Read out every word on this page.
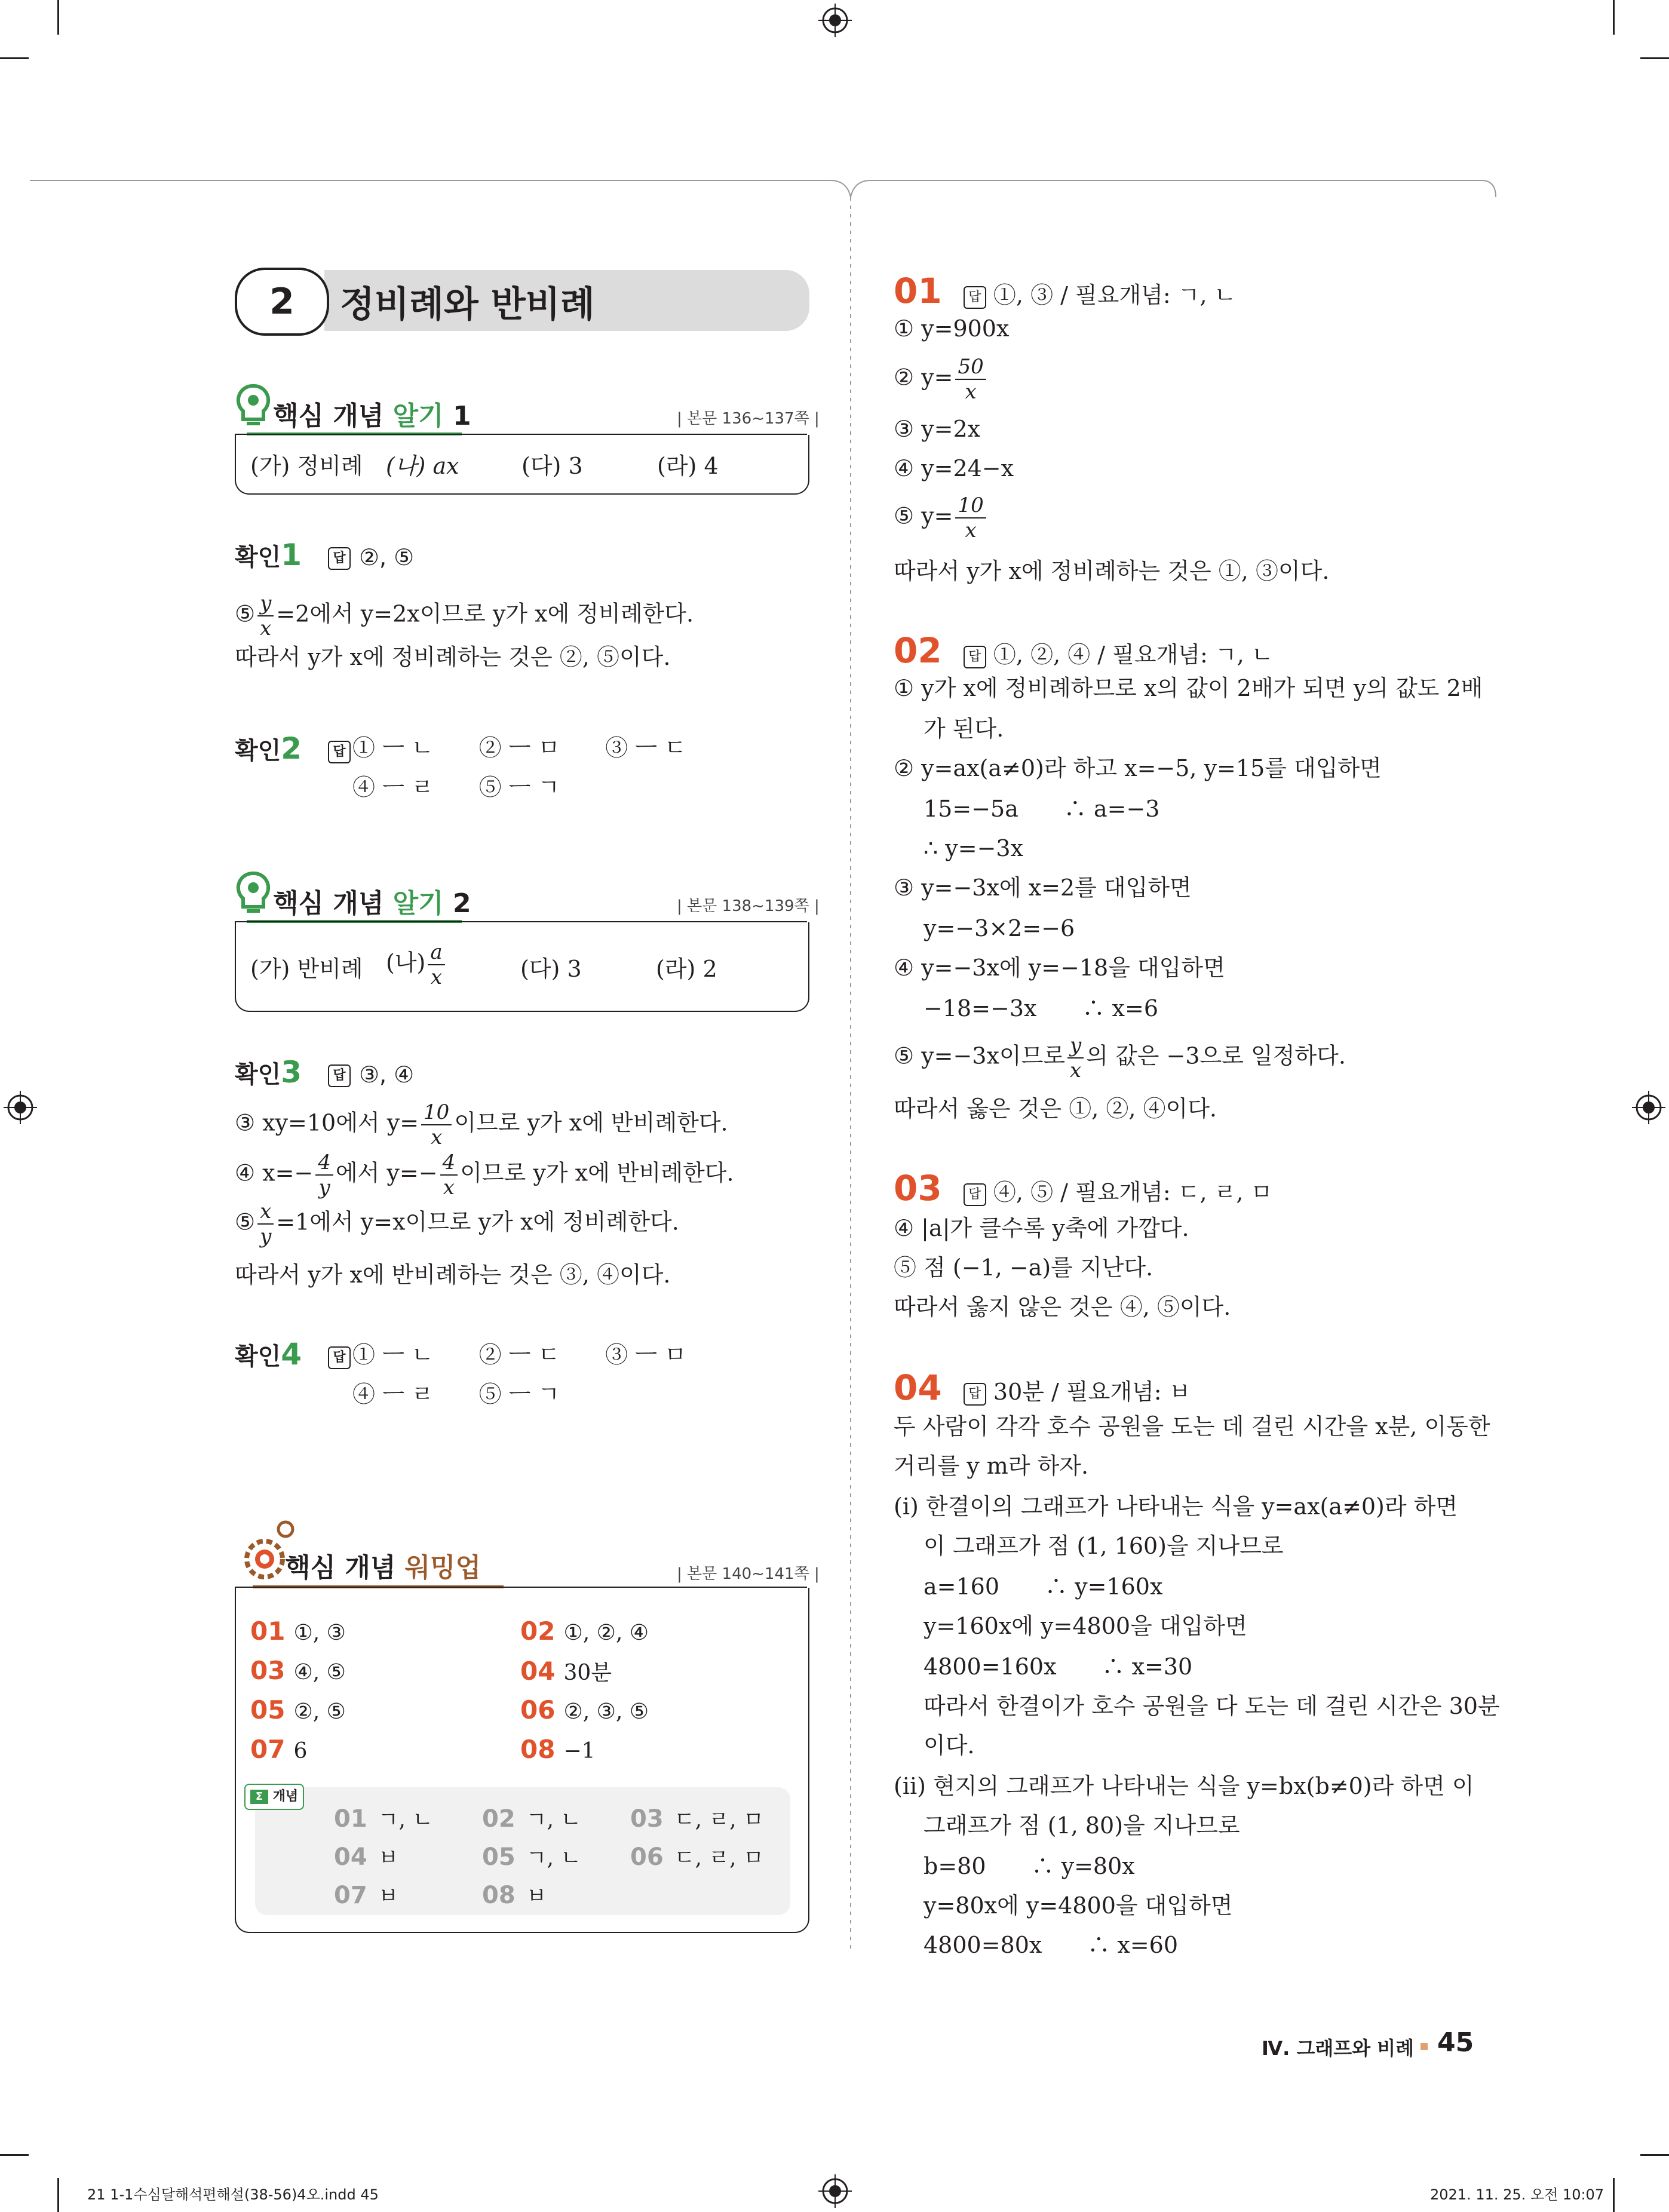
2	정비례와 반비례
핵심 개념 알기 1	| 본문 136~137쪽 |
(가) 정비례 (나) ax	(다) 3	(라) 4
확인1 답 ②, ⑤
⑤ $\frac{y}{x} =2$에서 y=2x이므로 y가 x에 정비례한다.
따라서 y가 x에 정비례하는 것은 ②, ⑤이다.
확인2 답 ① ㅡ ㄴ　　② ㅡ ㅁ　　③ ㅡ ㄷ
④ ㅡ ㄹ　　⑤ ㅡ ㄱ
핵심 개념 알기 2	| 본문 138~139쪽 |
(가) 반비례 (나) $\frac{a}{x}$	(다) 3	(라) 2
확인3 답 ③, ④
③ xy=10에서 $y= \frac{10}{x}$ 이므로 y가 x에 반비례한다.
④ $x=- \frac{4}{y}$ 에서 $y=- \frac{4}{x}$ 이므로 y가 x에 반비례한다.
⑤ $\frac{x}{y} =1$에서 y=x이므로 y가 x에 정비례한다.
따라서 y가 x에 반비례하는 것은 ③, ④이다.
확인4 답 ① ㅡ ㄴ　　② ㅡ ㄷ　　③ ㅡ ㅁ
④ ㅡ ㄹ　　⑤ ㅡ ㄱ
핵심 개념 워밍업	| 본문 140~141쪽 |
01 ①, ③	02 ①, ②, ④
03 ④, ⑤	04 30분
05 ②, ⑤	06 ②, ③, ⑤
07 6	08 −1
Σ 개념
01 ㄱ, ㄴ 02 ㄱ, ㄴ 03 ㄷ, ㄹ, ㅁ
04 ㅂ	05 ㄱ, ㄴ 06 ㄷ, ㄹ, ㅁ
07 ㅂ	08 ㅂ
01 답 ①, ③ / 필요개념: ㄱ, ㄴ
① y=900x
② $y= \frac{50}{x}$
③ y=2x
④ y=24−x
⑤ $y= \frac{10}{x}$
따라서 y가 x에 정비례하는 것은 ①, ③이다.
02 답 ①, ②, ④ / 필요개념: ㄱ, ㄴ
① y가 x에 정비례하므로 x의 값이 2배가 되면 y의 값도 2배
가 된다.
② y=ax(a≠0)라 하고 x=−5, y=15를 대입하면
15=−5a　　∴ a=−3
∴ y=−3x
③ y=−3x에 x=2를 대입하면
y=−3×2=−6
④ y=−3x에 y=−18을 대입하면
−18=−3x　　∴ x=6
⑤ y=−3x이므로 $\frac{y}{x}$ 의 값은 −3으로 일정하다.
따라서 옳은 것은 ①, ②, ④이다.
03 답 ④, ⑤ / 필요개념: ㄷ, ㄹ, ㅁ
④ |a|가 클수록 y축에 가깝다.
⑤ 점 (−1, −a)를 지난다.
따라서 옳지 않은 것은 ④, ⑤이다.
04 답 30분 / 필요개념: ㅂ
두 사람이 각각 호수 공원을 도는 데 걸린 시간을 x분, 이동한
거리를 y m라 하자.
(i) 한결이의 그래프가 나타내는 식을 y=ax(a≠0)라 하면
이 그래프가 점 (1, 160)을 지나므로
a=160　　∴ y=160x
y=160x에 y=4800을 대입하면
4800=160x　　∴ x=30
따라서 한결이가 호수 공원을 다 도는 데 걸린 시간은 30분
이다.
(ii) 현지의 그래프가 나타내는 식을 y=bx(b≠0)라 하면 이
그래프가 점 (1, 80)을 지나므로
b=80　　∴ y=80x
y=80x에 y=4800을 대입하면
4800=80x　　∴ x=60
Ⅳ. 그래프와 비례 45
21 1-1수심달해석편해설(38-56)4오.indd 45	2021. 11. 25. 오전 10:07
